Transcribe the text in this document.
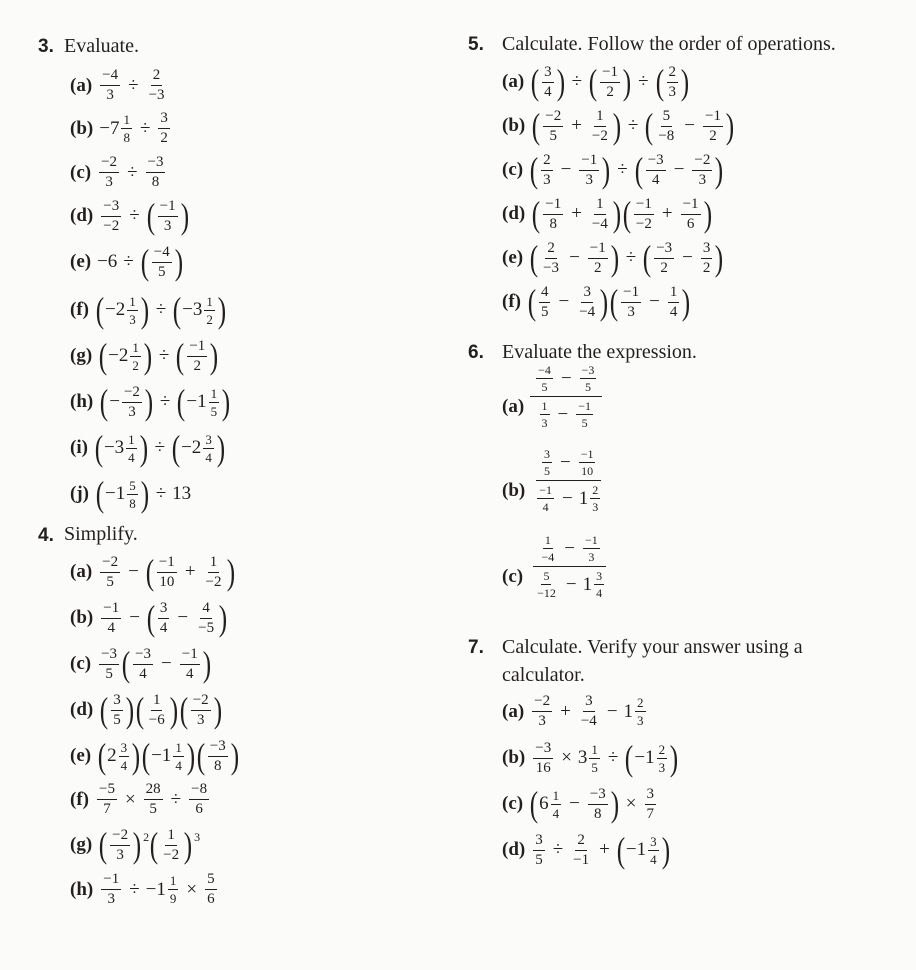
3. Evaluate.
$(a) \frac{-4}{3} \div \frac{2}{-3}$
$(b) -7 \frac{1}{8} \div \frac{3}{2}$
$(c) \frac{-2}{3} \div \frac{-3}{8}$
$(d) \frac{-3}{-2}$ ÷ ( $\frac{-1}{3}$ )
(e) −6 ÷ ( $\frac{-4}{5}$ )
(f) ( $-2 \frac{1}{3}$ ) ÷ ( $-3 \frac{1}{2}$ )
(g) ( $-2 \frac{1}{2}$ ) ÷ ( $\frac{-1}{2}$ )
(h) ( − $\frac{-2}{3}$ ) ÷ ( $-1 \frac{1}{5}$ )
(i) ( $-3 \frac{1}{4}$ ) ÷ ( $-2 \frac{3}{4}$ )
(j) ( $-1 \frac{5}{8}$ ) ÷ 13
4. Simplify.
$(a) \frac{-2}{5}$ − ( $\frac{-1}{10} + \frac{1}{-2}$ )
$(b) \frac{-1}{4}$ − ( $\frac{3}{4} - \frac{4}{-5}$ )
$(c) \frac{-3}{5}$ ( $\frac{-3}{4} - \frac{-1}{4}$ )
(d) ( $\frac{3}{5}$ ) ( $\frac{1}{-6}$ ) ( $\frac{-2}{3}$ )
(e) ( $2 \frac{3}{4}$ ) ( $-1 \frac{1}{4}$ ) ( $\frac{-3}{8}$ )
$(f) \frac{-5}{7} \times \frac{28}{5} \div \frac{-8}{6}$
(g) ( $\frac{-2}{3}$ ) 2 ( $\frac{1}{-2}$ ) 3
$(h) \frac{-1}{3} \div -1 \frac{1}{9} \times \frac{5}{6}$
5. Calculate. Follow the order of operations.
(a) ( $\frac{3}{4}$ ) ÷ ( $\frac{-1}{2}$ ) ÷ ( $\frac{2}{3}$ )
(b) ( $\frac{-2}{5} + \frac{1}{-2}$ ) ÷ ( $\frac{5}{-8} - \frac{-1}{2}$ )
(c) ( $\frac{2}{3} - \frac{-1}{3}$ ) ÷ ( $\frac{-3}{4} - \frac{-2}{3}$ )
(d) ( $\frac{-1}{8} + \frac{1}{-4}$ ) ( $\frac{-1}{-2} + \frac{-1}{6}$ )
(e) ( $\frac{2}{-3} - \frac{-1}{2}$ ) ÷ ( $\frac{-3}{2} - \frac{3}{2}$ )
(f) ( $\frac{4}{5} - \frac{3}{-4}$ ) ( $\frac{-1}{3} - \frac{1}{4}$ )
6. Evaluate the expression.
(a)
$\frac{-4}{5} - \frac{-3}{5}$
$\frac{1}{3} - \frac{-1}{5}$
(b)
$\frac{3}{5} - \frac{-1}{10}$
$\frac{-1}{4} - 1 \frac{2}{3}$
(c)
$\frac{1}{-4} - \frac{-1}{3}$
$\frac{5}{-12} - 1 \frac{3}{4}$
7. Calculate. Verify your answer using a
calculator.
$(a) \frac{-2}{3} + \frac{3}{-4} - 1 \frac{2}{3}$
$(b) \frac{-3}{16} \times 3 \frac{1}{5}$ ÷ ( $-1 \frac{2}{3}$ )
(c) ( $6 \frac{1}{4} - \frac{-3}{8}$ ) × $\frac{3}{7}$
$(d) \frac{3}{5} \div \frac{2}{-1}$ + ( $-1 \frac{3}{4}$ )
